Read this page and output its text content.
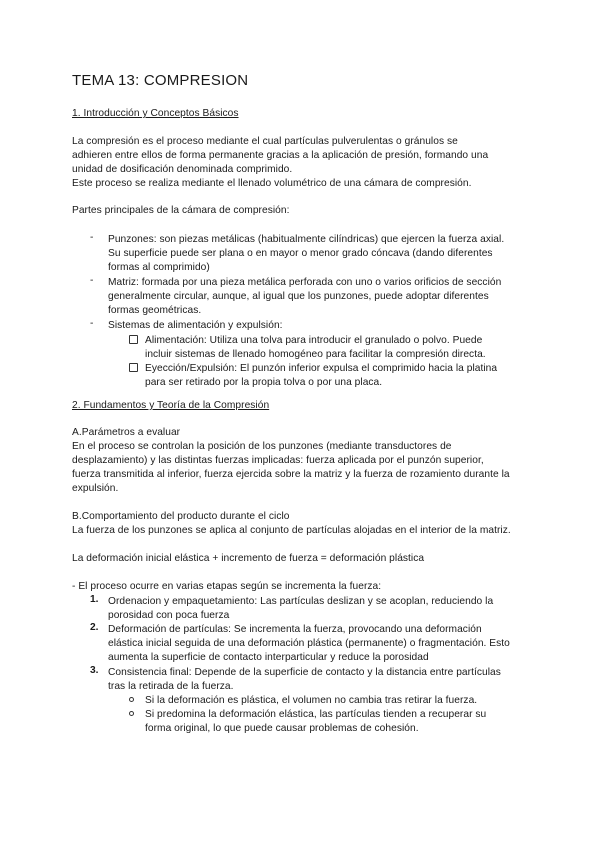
TEMA 13: COMPRESION
1. Introducción y Conceptos Básicos
La compresión es el proceso mediante el cual partículas pulverulentas o gránulos se
adhieren entre ellos de forma permanente gracias a la aplicación de presión, formando una
unidad de dosificación denominada comprimido.
Este proceso se realiza mediante el llenado volumétrico de una cámara de compresión.
Partes principales de la cámara de compresión:
- Punzones: son piezas metálicas (habitualmente cilíndricas) que ejercen la fuerza axial.
Su superficie puede ser plana o en mayor o menor grado cóncava (dando diferentes
formas al comprimido)
- Matriz: formada por una pieza metálica perforada con uno o varios orificios de sección
generalmente circular, aunque, al igual que los punzones, puede adoptar diferentes
formas geométricas.
- Sistemas de alimentación y expulsión:
Alimentación: Utiliza una tolva para introducir el granulado o polvo. Puede
incluir sistemas de llenado homogéneo para facilitar la compresión directa.
Eyección/Expulsión: El punzón inferior expulsa el comprimido hacia la platina
para ser retirado por la propia tolva o por una placa.
2. Fundamentos y Teoría de la Compresión
A.Parámetros a evaluar
En el proceso se controlan la posición de los punzones (mediante transductores de
desplazamiento) y las distintas fuerzas implicadas: fuerza aplicada por el punzón superior,
fuerza transmitida al inferior, fuerza ejercida sobre la matriz y la fuerza de rozamiento durante la
expulsión.
B.Comportamiento del producto durante el ciclo
La fuerza de los punzones se aplica al conjunto de partículas alojadas en el interior de la matriz.
La deformación inicial elástica + incremento de fuerza = deformación plástica
- El proceso ocurre en varias etapas según se incrementa la fuerza:
1. Ordenacion y empaquetamiento: Las partículas deslizan y se acoplan, reduciendo la
porosidad con poca fuerza
2. Deformación de partículas: Se incrementa la fuerza, provocando una deformación
elástica inicial seguida de una deformación plástica (permanente) o fragmentación. Esto
aumenta la superficie de contacto interparticular y reduce la porosidad
3. Consistencia final: Depende de la superficie de contacto y la distancia entre partículas
tras la retirada de la fuerza.
Si la deformación es plástica, el volumen no cambia tras retirar la fuerza.
Si predomina la deformación elástica, las partículas tienden a recuperar su
forma original, lo que puede causar problemas de cohesión.
